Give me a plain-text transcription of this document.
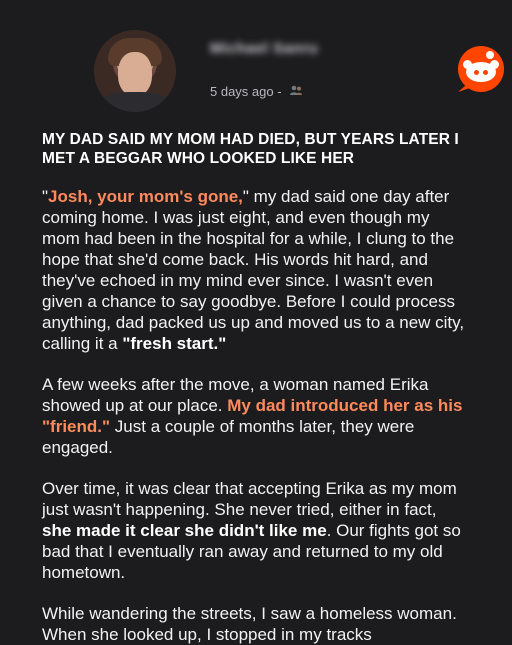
Michael Sanru
5 days ago -
MY DAD SAID MY MOM HAD DIED, BUT YEARS LATER I MET A BEGGAR WHO LOOKED LIKE HER

"Josh, your mom's gone," my dad said one day after coming home. I was just eight, and even though my mom had been in the hospital for a while, I clung to the hope that she'd come back. His words hit hard, and they've echoed in my mind ever since. I wasn't even given a chance to say goodbye. Before I could process anything, dad packed us up and moved us to a new city, calling it a "fresh start."

A few weeks after the move, a woman named Erika showed up at our place. My dad introduced her as his "friend." Just a couple of months later, they were engaged.

Over time, it was clear that accepting Erika as my mom just wasn't happening. She never tried, either in fact, she made it clear she didn't like me. Our fights got so bad that I eventually ran away and returned to my old hometown.

While wandering the streets, I saw a homeless woman. When she looked up, I stopped in my tracks
